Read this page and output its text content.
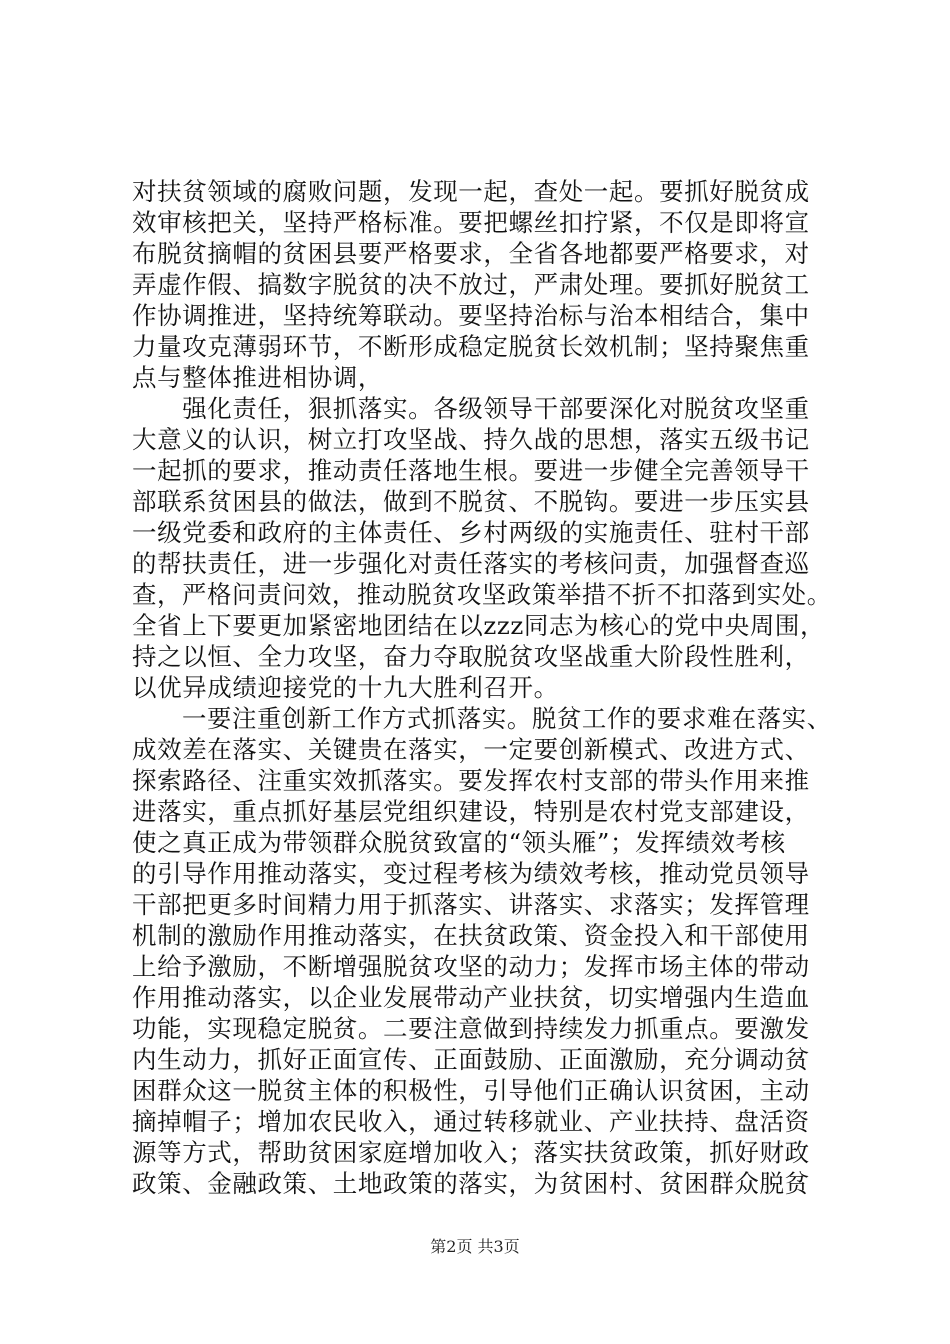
对扶贫领域的腐败问题，发现一起，查处一起。要抓好脱贫成
效审核把关，坚持严格标准。要把螺丝扣拧紧，不仅是即将宣
布脱贫摘帽的贫困县要严格要求，全省各地都要严格要求，对
弄虚作假、搞数字脱贫的决不放过，严肃处理。要抓好脱贫工
作协调推进，坚持统筹联动。要坚持治标与治本相结合，集中
力量攻克薄弱环节，不断形成稳定脱贫长效机制；坚持聚焦重
点与整体推进相协调，
　　强化责任，狠抓落实。各级领导干部要深化对脱贫攻坚重
大意义的认识，树立打攻坚战、持久战的思想，落实五级书记
一起抓的要求，推动责任落地生根。要进一步健全完善领导干
部联系贫困县的做法，做到不脱贫、不脱钩。要进一步压实县
一级党委和政府的主体责任、乡村两级的实施责任、驻村干部
的帮扶责任，进一步强化对责任落实的考核问责，加强督查巡
查，严格问责问效，推动脱贫攻坚政策举措不折不扣落到实处。
全省上下要更加紧密地团结在以zzz同志为核心的党中央周围，
持之以恒、全力攻坚，奋力夺取脱贫攻坚战重大阶段性胜利，
以优异成绩迎接党的十九大胜利召开。
　　一要注重创新工作方式抓落实。脱贫工作的要求难在落实、
成效差在落实、关键贵在落实，一定要创新模式、改进方式、
探索路径、注重实效抓落实。要发挥农村支部的带头作用来推
进落实，重点抓好基层党组织建设，特别是农村党支部建设，
使之真正成为带领群众脱贫致富的“领头雁”；发挥绩效考核
的引导作用推动落实，变过程考核为绩效考核，推动党员领导
干部把更多时间精力用于抓落实、讲落实、求落实；发挥管理
机制的激励作用推动落实，在扶贫政策、资金投入和干部使用
上给予激励，不断增强脱贫攻坚的动力；发挥市场主体的带动
作用推动落实，以企业发展带动产业扶贫，切实增强内生造血
功能，实现稳定脱贫。二要注意做到持续发力抓重点。要激发
内生动力，抓好正面宣传、正面鼓励、正面激励，充分调动贫
困群众这一脱贫主体的积极性，引导他们正确认识贫困，主动
摘掉帽子；增加农民收入，通过转移就业、产业扶持、盘活资
源等方式，帮助贫困家庭增加收入；落实扶贫政策，抓好财政
政策、金融政策、土地政策的落实，为贫困村、贫困群众脱贫
第2页 共3页
